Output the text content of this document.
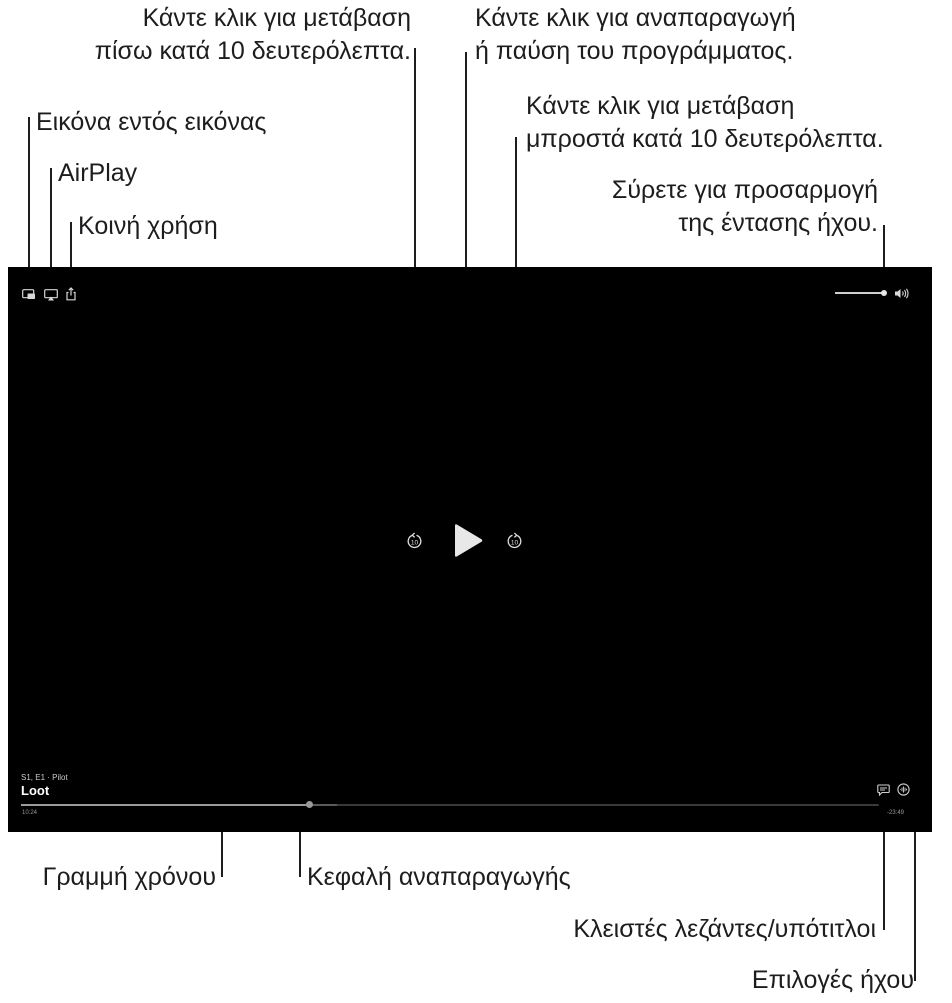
Κάντε κλικ για μετάβαση
πίσω κατά 10 δευτερόλεπτα.
Κάντε κλικ για αναπαραγωγή
ή παύση του προγράμματος.
Κάντε κλικ για μετάβαση
μπροστά κατά 10 δευτερόλεπτα.
Σύρετε για προσαρμογή
της έντασης ήχου.
Εικόνα εντός εικόνας
AirPlay
Κοινή χρήση
Γραμμή χρόνου	Κεφαλή αναπαραγωγής
Κλειστές λεζάντες/υπότιτλοι
Επιλογές ήχου
10	10
S1, E1 · Pilot
Loot
10:24	-23:49
